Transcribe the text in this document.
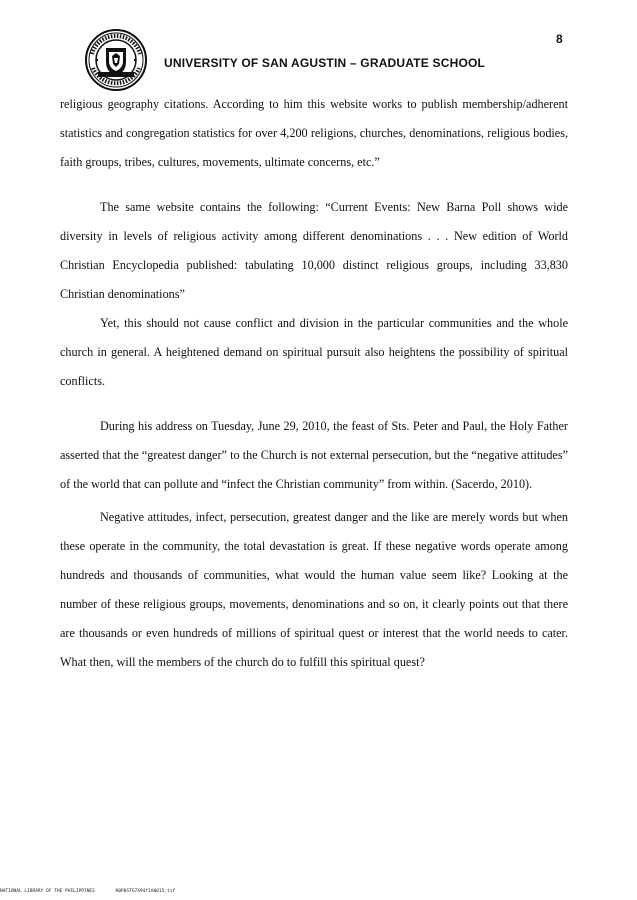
8
UNIVERSITY OF SAN AGUSTIN – GRADUATE SCHOOL

religious geography citations. According to him this website works to publish membership/adherent statistics and congregation statistics for over 4,200 religions, churches, denominations, religious bodies, faith groups, tribes, cultures, movements, ultimate concerns, etc.”

The same website contains the following: “Current Events: New Barna Poll shows wide diversity in levels of religious activity among different denominations . . . New edition of World Christian Encyclopedia published: tabulating 10,000 distinct religious groups, including 33,830 Christian denominations”

Yet, this should not cause conflict and division in the particular communities and the whole church in general. A heightened demand on spiritual pursuit also heightens the possibility of spiritual conflicts.

During his address on Tuesday, June 29, 2010, the feast of Sts. Peter and Paul, the Holy Father asserted that the “greatest danger” to the Church is not external persecution, but the “negative attitudes” of the world that can pollute and “infect the Christian community” from within. (Sacerdo, 2010).

Negative attitudes, infect, persecution, greatest danger and the like are merely words but when these operate in the community, the total devastation is great. If these negative words operate among hundreds and thousands of communities, what would the human value seem like? Looking at the number of these religious groups, movements, denominations and so on, it clearly points out that there are thousands or even hundreds of millions of spiritual quest or interest that the world needs to cater. What then, will the members of the church do to fulfill this spiritual quest?

NATIONAL LIBRARY OF THE PHILIPPINES	R0P0STG7X94f1A0015.tif
